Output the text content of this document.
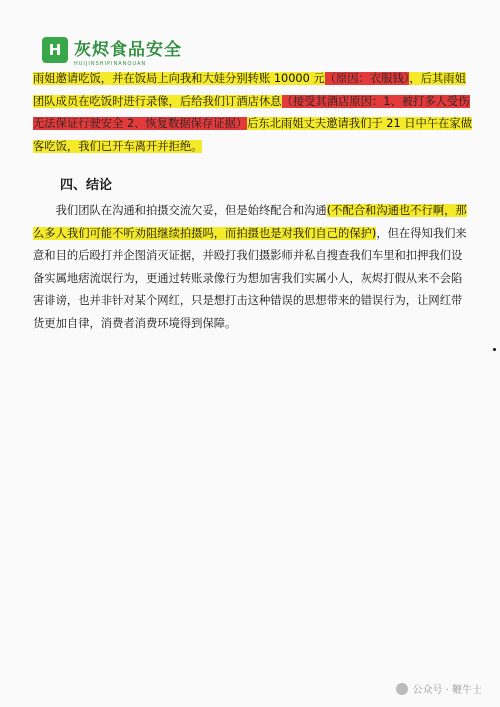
H 灰烬食品安全
HUIJINSHIPINANQUAN
雨姐邀请吃饭，并在饭局上向我和大娃分别转账 10000 元（原因：衣服钱），后其雨姐团队成员在吃饭时进行录像，后给我们订酒店休息（接受其酒店原因：1、被打多人受伤无法保证行驶安全 2、恢复数据保存证据）后东北雨姐丈夫邀请我们于 21 日中午在家做客吃饭，我们已开车离开并拒绝。
四、结论
我们团队在沟通和拍摄交流欠妥，但是始终配合和沟通(不配合和沟通也不行啊，那么多人我们可能不听劝阻继续拍摄吗，而拍摄也是对我们自己的保护)，但在得知我们来意和目的后殴打并企图消灭证据，并殴打我们摄影师并私自搜查我们车里和扣押我们设备实属地痞流氓行为，更通过转账录像行为想加害我们实属小人，灰烬打假从来不会陷害诽谤，也并非针对某个网红，只是想打击这种错误的思想带来的错误行为，让网红带货更加自律，消费者消费环境得到保障。
公众号 · 鞭牛士
